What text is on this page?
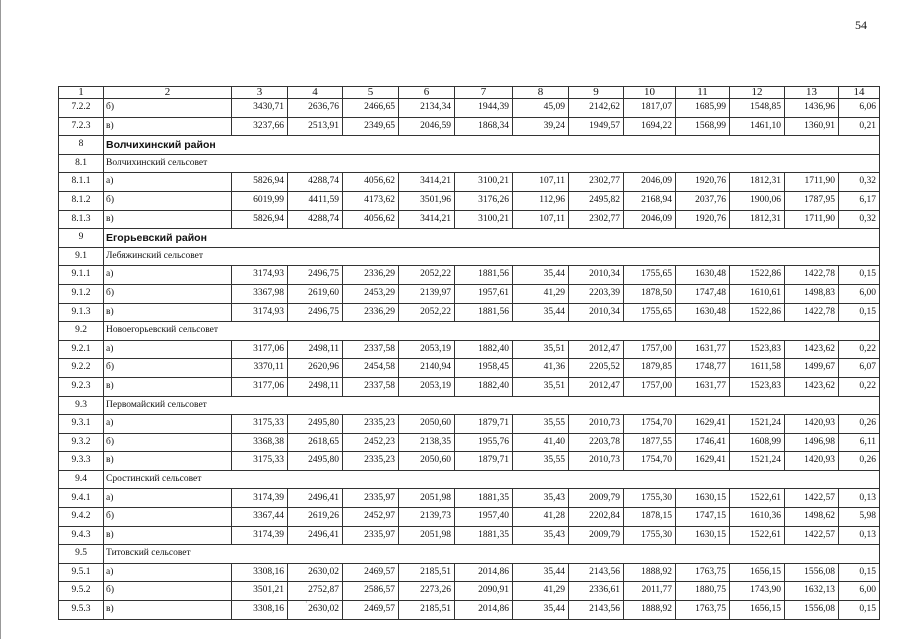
54
1	2	3	4	5	6	7	8	9	10	11	12	13	14
7.2.2	б)	3430,71	2636,76	2466,65	2134,34	1944,39	45,09	2142,62	1817,07	1685,99	1548,85	1436,96	6,06
7.2.3	в)	3237,66	2513,91	2349,65	2046,59	1868,34	39,24	1949,57	1694,22	1568,99	1461,10	1360,91	0,21
8	Волчихинский район												
8.1	Волчихинский сельсовет												
8.1.1	а)	5826,94	4288,74	4056,62	3414,21	3100,21	107,11	2302,77	2046,09	1920,76	1812,31	1711,90	0,32
8.1.2	б)	6019,99	4411,59	4173,62	3501,96	3176,26	112,96	2495,82	2168,94	2037,76	1900,06	1787,95	6,17
8.1.3	в)	5826,94	4288,74	4056,62	3414,21	3100,21	107,11	2302,77	2046,09	1920,76	1812,31	1711,90	0,32
9	Егорьевский район												
9.1	Лебяжинский сельсовет												
9.1.1	а)	3174,93	2496,75	2336,29	2052,22	1881,56	35,44	2010,34	1755,65	1630,48	1522,86	1422,78	0,15
9.1.2	б)	3367,98	2619,60	2453,29	2139,97	1957,61	41,29	2203,39	1878,50	1747,48	1610,61	1498,83	6,00
9.1.3	в)	3174,93	2496,75	2336,29	2052,22	1881,56	35,44	2010,34	1755,65	1630,48	1522,86	1422,78	0,15
9.2	Новоегорьевский сельсовет												
9.2.1	а)	3177,06	2498,11	2337,58	2053,19	1882,40	35,51	2012,47	1757,00	1631,77	1523,83	1423,62	0,22
9.2.2	б)	3370,11	2620,96	2454,58	2140,94	1958,45	41,36	2205,52	1879,85	1748,77	1611,58	1499,67	6,07
9.2.3	в)	3177,06	2498,11	2337,58	2053,19	1882,40	35,51	2012,47	1757,00	1631,77	1523,83	1423,62	0,22
9.3	Первомайский сельсовет												
9.3.1	а)	3175,33	2495,80	2335,23	2050,60	1879,71	35,55	2010,73	1754,70	1629,41	1521,24	1420,93	0,26
9.3.2	б)	3368,38	2618,65	2452,23	2138,35	1955,76	41,40	2203,78	1877,55	1746,41	1608,99	1496,98	6,11
9.3.3	в)	3175,33	2495,80	2335,23	2050,60	1879,71	35,55	2010,73	1754,70	1629,41	1521,24	1420,93	0,26
9.4	Сростинский сельсовет												
9.4.1	а)	3174,39	2496,41	2335,97	2051,98	1881,35	35,43	2009,79	1755,30	1630,15	1522,61	1422,57	0,13
9.4.2	б)	3367,44	2619,26	2452,97	2139,73	1957,40	41,28	2202,84	1878,15	1747,15	1610,36	1498,62	5,98
9.4.3	в)	3174,39	2496,41	2335,97	2051,98	1881,35	35,43	2009,79	1755,30	1630,15	1522,61	1422,57	0,13
9.5	Титовский сельсовет												
9.5.1	а)	3308,16	2630,02	2469,57	2185,51	2014,86	35,44	2143,56	1888,92	1763,75	1656,15	1556,08	0,15
9.5.2	б)	3501,21	2752,87	2586,57	2273,26	2090,91	41,29	2336,61	2011,77	1880,75	1743,90	1632,13	6,00
9.5.3	в)	3308,16	2630,02	2469,57	2185,51	2014,86	35,44	2143,56	1888,92	1763,75	1656,15	1556,08	0,15
·
